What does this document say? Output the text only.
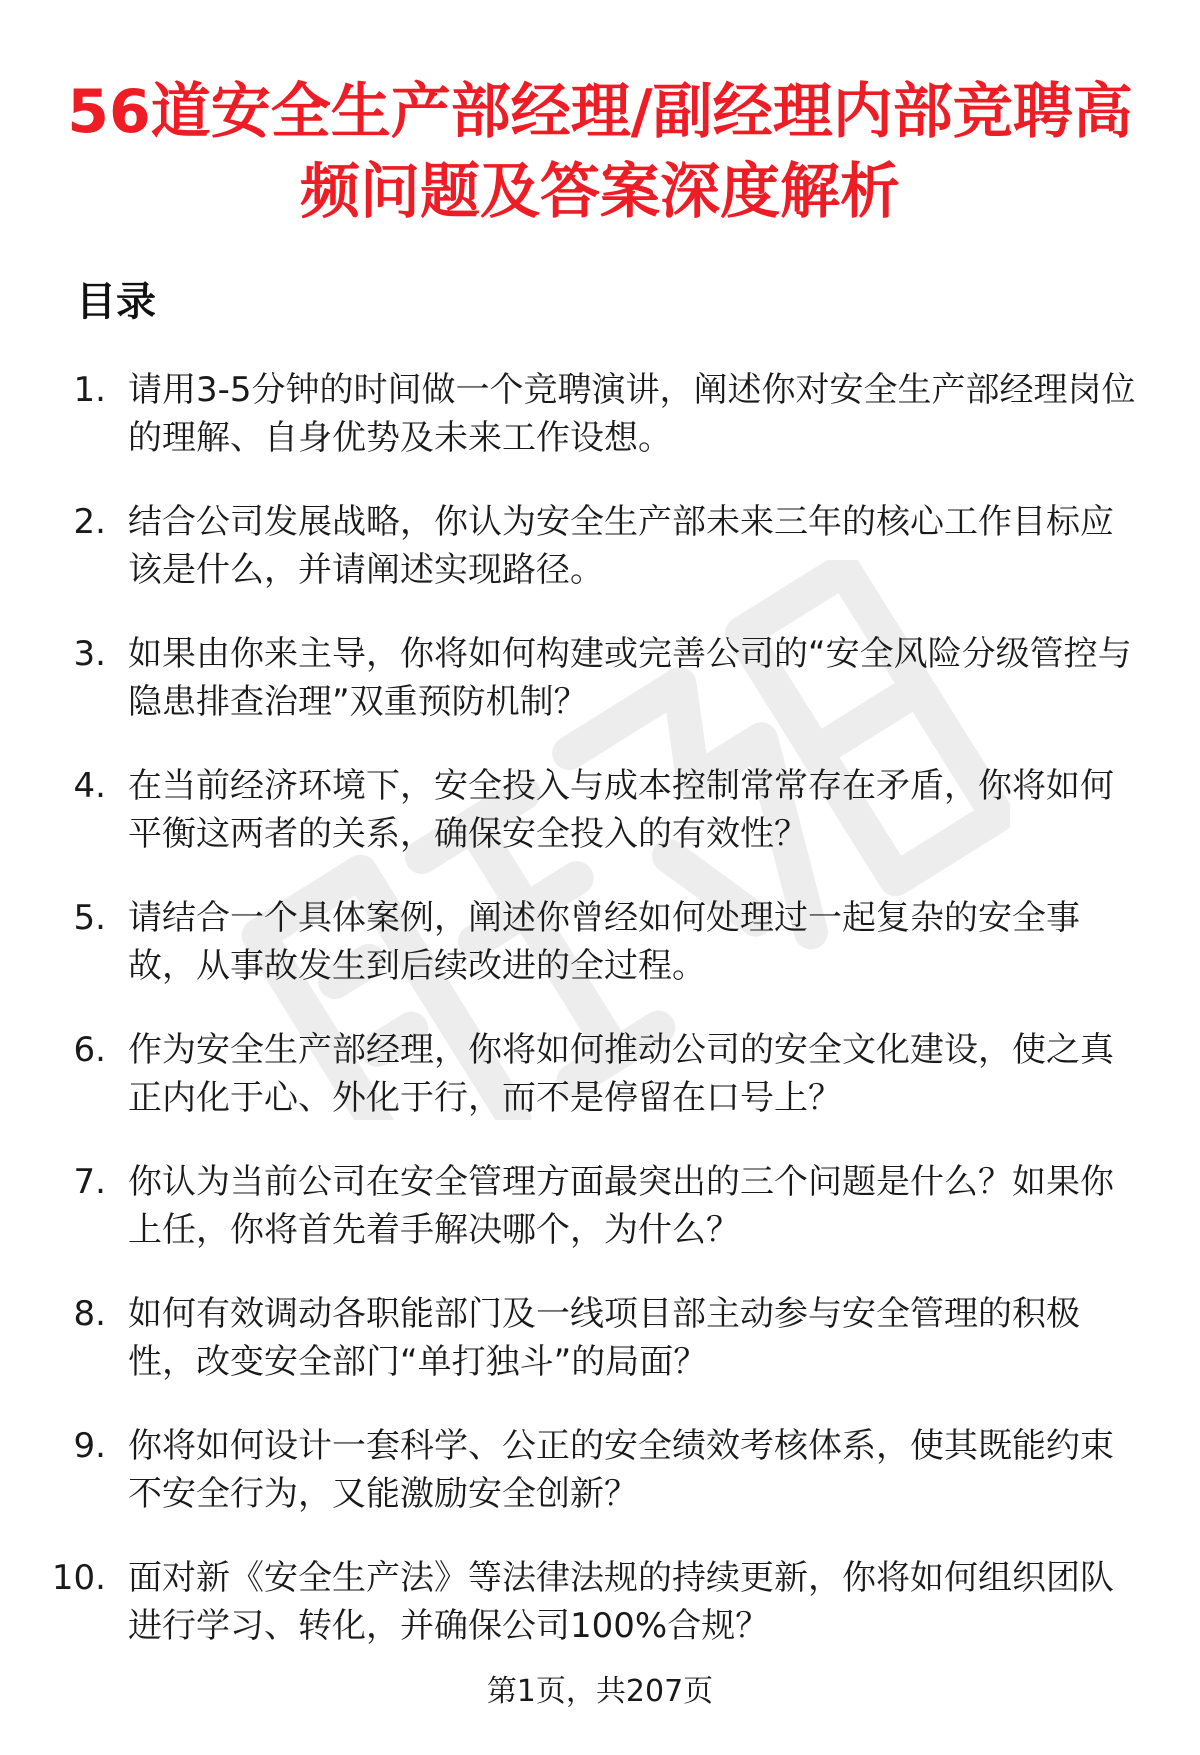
56道安全生产部经理/副经理内部竞聘高频问题及答案深度解析
目录
1. 请用3-5分钟的时间做一个竞聘演讲，阐述你对安全生产部经理岗位的理解、自身优势及未来工作设想。
2. 结合公司发展战略，你认为安全生产部未来三年的核心工作目标应该是什么，并请阐述实现路径。
3. 如果由你来主导，你将如何构建或完善公司的“安全风险分级管控与隐患排查治理”双重预防机制？
4. 在当前经济环境下，安全投入与成本控制常常存在矛盾，你将如何平衡这两者的关系，确保安全投入的有效性？
5. 请结合一个具体案例，阐述你曾经如何处理过一起复杂的安全事故，从事故发生到后续改进的全过程。
6. 作为安全生产部经理，你将如何推动公司的安全文化建设，使之真正内化于心、外化于行，而不是停留在口号上？
7. 你认为当前公司在安全管理方面最突出的三个问题是什么？如果你上任，你将首先着手解决哪个，为什么？
8. 如何有效调动各职能部门及一线项目部主动参与安全管理的积极性，改变安全部门“单打独斗”的局面？
9. 你将如何设计一套科学、公正的安全绩效考核体系，使其既能约束不安全行为，又能激励安全创新？
10. 面对新《安全生产法》等法律法规的持续更新，你将如何组织团队进行学习、转化，并确保公司100%合规？
第1页，共207页
